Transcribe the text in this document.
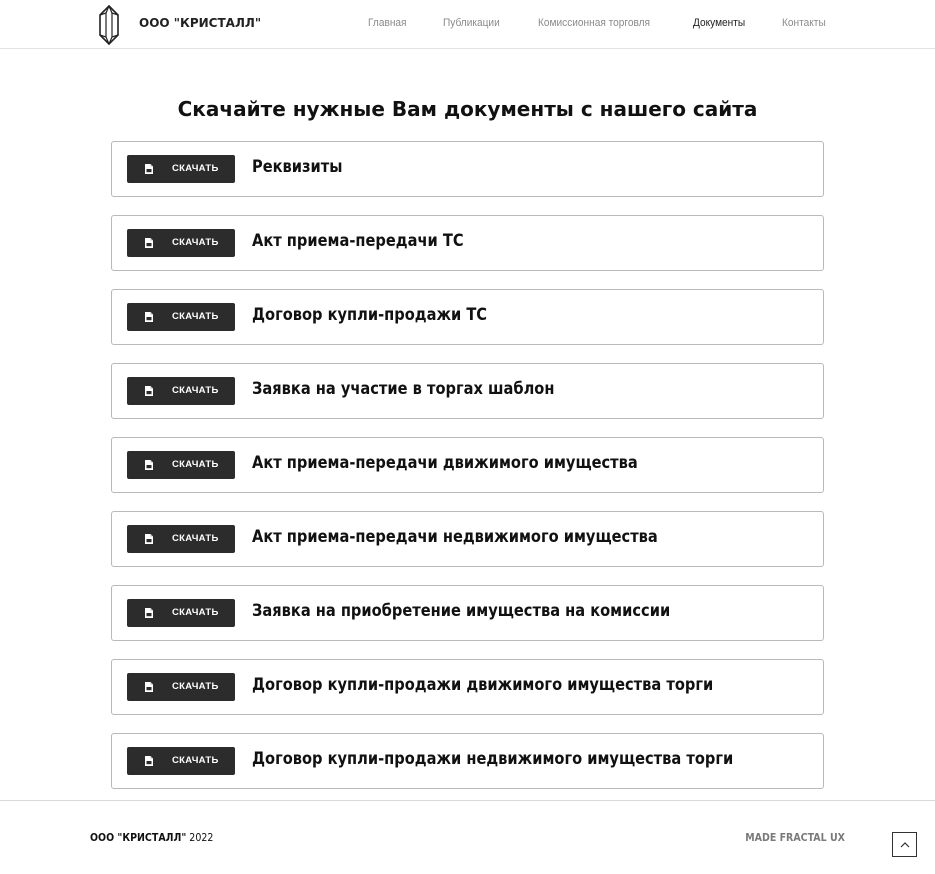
ООО "КРИСТАЛЛ"	Главная	Публикации	Комиссионная торговля	Документы	Контакты
Скачайте нужные Вам документы с нашего сайта
СКАЧАТЬ Реквизиты
СКАЧАТЬ Акт приема-передачи ТС
СКАЧАТЬ Договор купли-продажи ТС
СКАЧАТЬ Заявка на участие в торгах шаблон
СКАЧАТЬ Акт приема-передачи движимого имущества
СКАЧАТЬ Акт приема-передачи недвижимого имущества
СКАЧАТЬ Заявка на приобретение имущества на комиссии
СКАЧАТЬ Договор купли-продажи движимого имущества торги
СКАЧАТЬ Договор купли-продажи недвижимого имущества торги
ООО "КРИСТАЛЛ" 2022	MADE FRACTAL UX
